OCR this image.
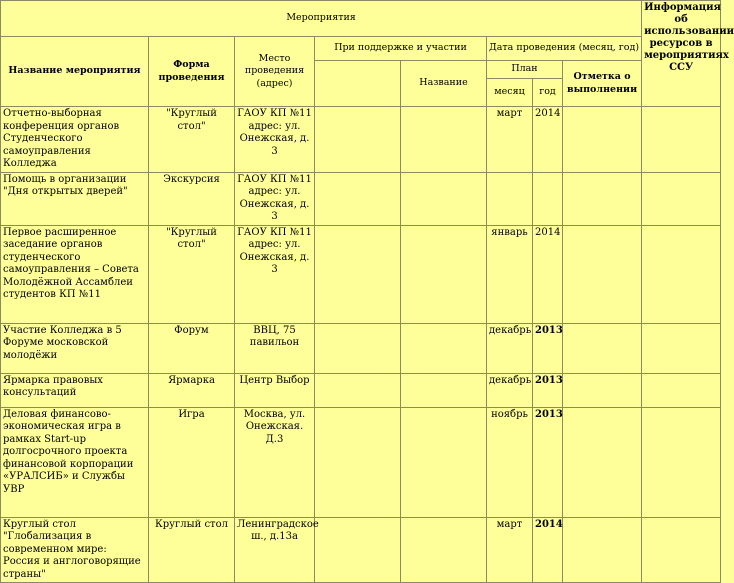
Мероприятия								Информация об использовании ресурсов в мероприятиях ССУ
Название мероприятия	Форма проведения	Место проведения (адрес)	При поддержке и участии		Дата проведения (месяц, год)			
				Название	План		Отметка о выполнении	
					месяц	год		
Отчетно-выборная конференция органов Студенческого самоуправления Колледжа	"Круглый стол"	ГАОУ КП №11 адрес: ул. Онежская, д. 3			март	2014		
Помощь в организации "Дня открытых дверей"	Экскурсия	ГАОУ КП №11 адрес: ул. Онежская, д. 3						
Первое расширенное заседание органов студенческого самоуправления – Совета Молодёжной Ассамблеи студентов КП №11	"Круглый стол"	ГАОУ КП №11 адрес: ул. Онежская, д. 3			январь	2014		
Участие Колледжа в 5 Форуме московской молодёжи	Форум	ВВЦ, 75 павильон			декабрь	2013		
Ярмарка правовых консультаций	Ярмарка	Центр Выбор			декабрь	2013		
Деловая финансово-экономическая игра в рамках Start-up долгосрочного проекта финансовой корпорации «УРАЛСИБ» и Службы УВР	Игра	Москва, ул. Онежская. Д.3			ноябрь	2013		
Круглый стол "Глобализация в современном мире: Россия и англоговорящие страны"	Круглый стол	Ленинградское ш., д.13а			март	2014		
